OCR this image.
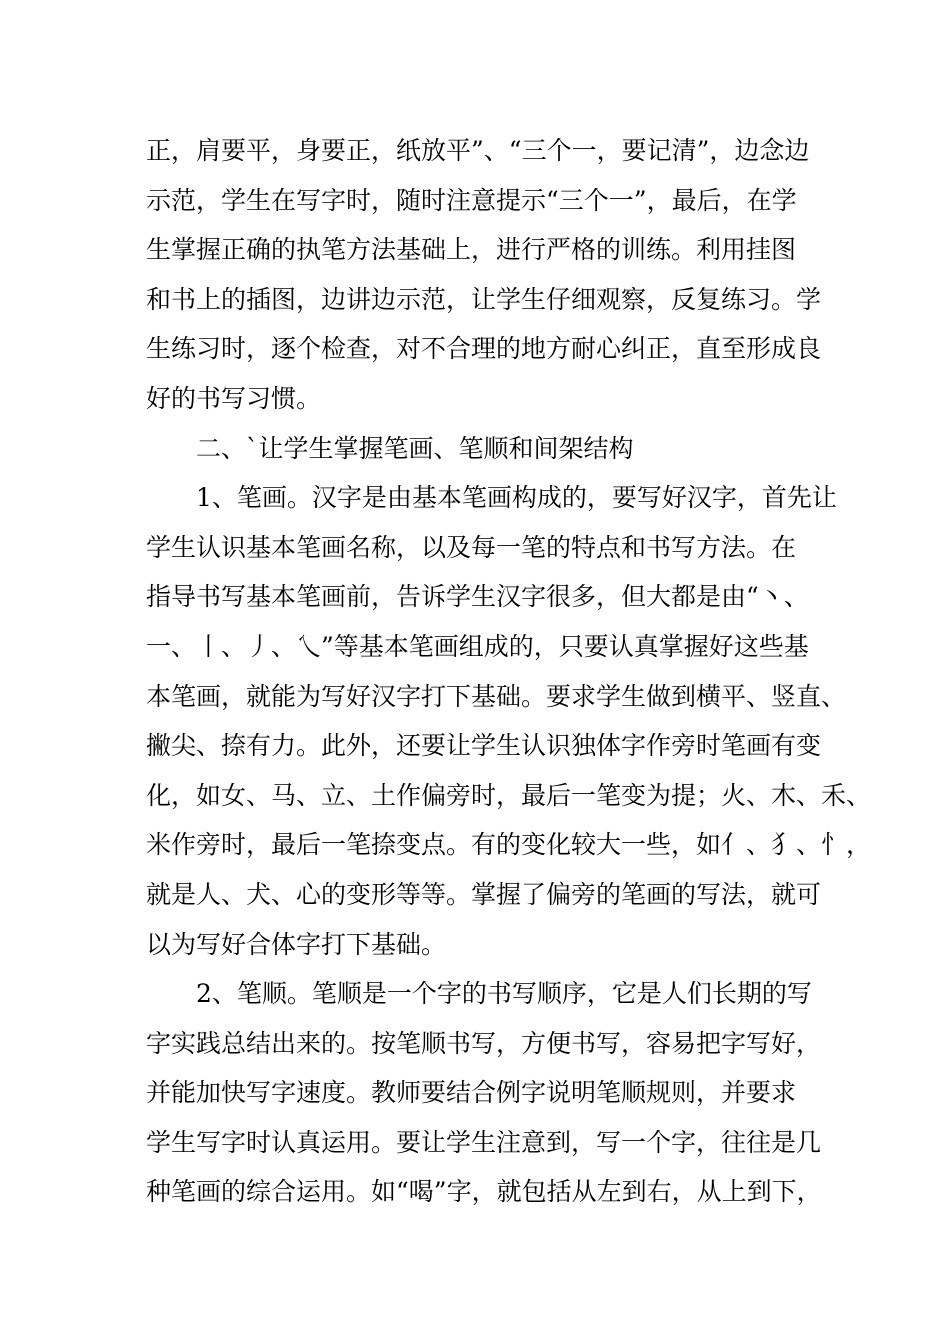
正，肩要平，身要正，纸放平”、“三个一，要记清”，边念边
示范，学生在写字时，随时注意提示“三个一”，最后，在学
生掌握正确的执笔方法基础上，进行严格的训练。利用挂图
和书上的插图，边讲边示范，让学生仔细观察，反复练习。学
生练习时，逐个检查，对不合理的地方耐心纠正，直至形成良
好的书写习惯。
　　二、`让学生掌握笔画、笔顺和间架结构
　　1、笔画。汉字是由基本笔画构成的，要写好汉字，首先让
学生认识基本笔画名称，以及每一笔的特点和书写方法。在
指导书写基本笔画前，告诉学生汉字很多，但大都是由“丶、
一、丨、丿、乀”等基本笔画组成的，只要认真掌握好这些基
本笔画，就能为写好汉字打下基础。要求学生做到横平、竖直、
撇尖、捺有力。此外，还要让学生认识独体字作旁时笔画有变
化，如女、马、立、土作偏旁时，最后一笔变为提；火、木、禾、
米作旁时，最后一笔捺变点。有的变化较大一些，如亻、犭、忄，
就是人、犬、心的变形等等。掌握了偏旁的笔画的写法，就可
以为写好合体字打下基础。
　　2、笔顺。笔顺是一个字的书写顺序，它是人们长期的写
字实践总结出来的。按笔顺书写，方便书写，容易把字写好，
并能加快写字速度。教师要结合例字说明笔顺规则，并要求
学生写字时认真运用。要让学生注意到，写一个字，往往是几
种笔画的综合运用。如“喝”字，就包括从左到右，从上到下，
